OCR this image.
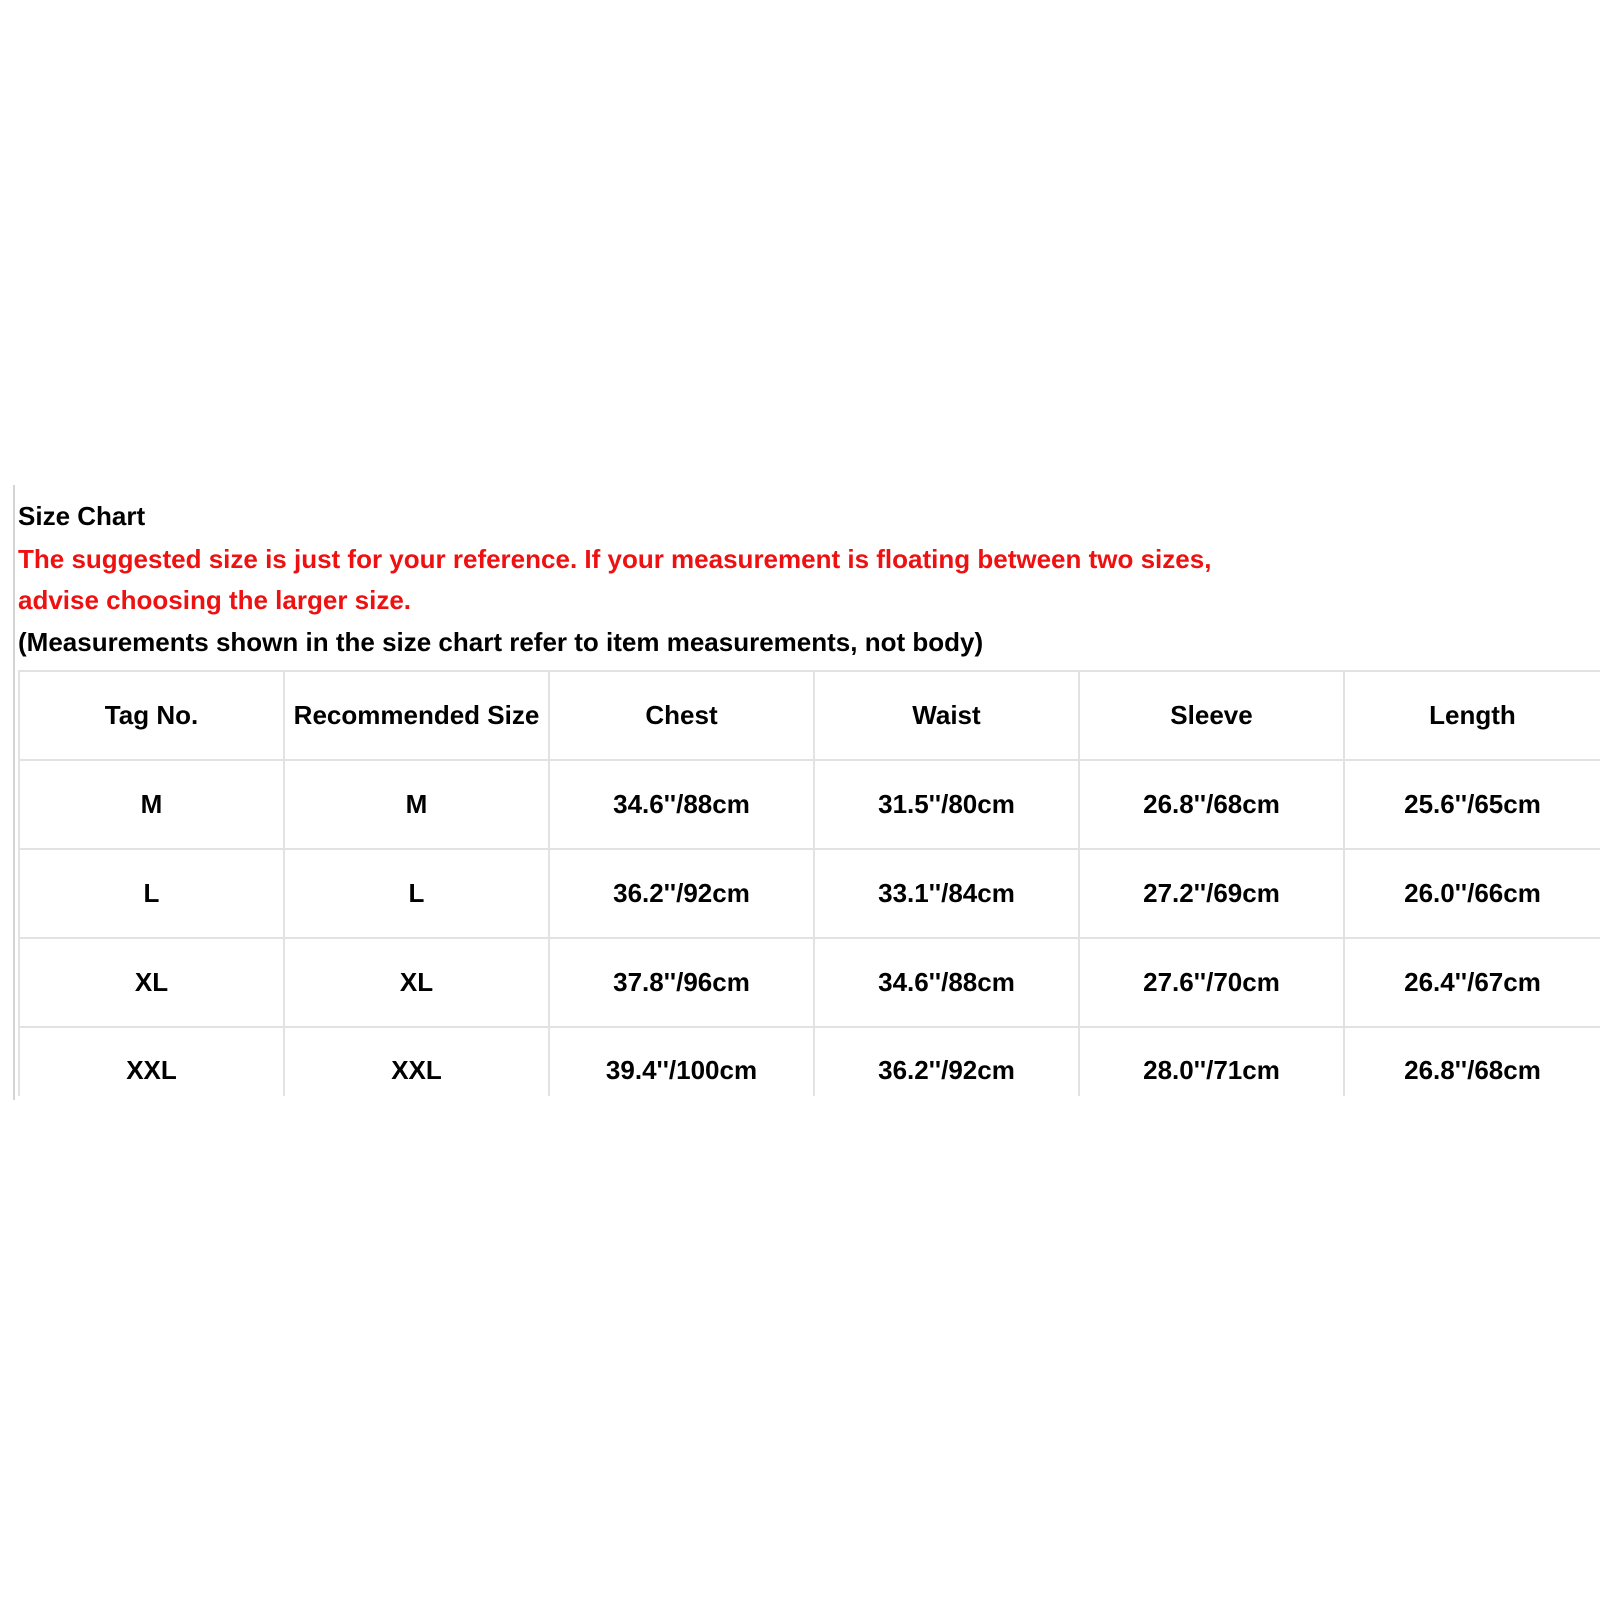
Size Chart
The suggested size is just for your reference. If your measurement is floating between two sizes,
advise choosing the larger size.
(Measurements shown in the size chart refer to item measurements, not body)
Tag No.	Recommended Size	Chest	Waist	Sleeve	Length
M	M	34.6''/88cm	31.5''/80cm	26.8''/68cm	25.6''/65cm
L	L	36.2''/92cm	33.1''/84cm	27.2''/69cm	26.0''/66cm
XL	XL	37.8''/96cm	34.6''/88cm	27.6''/70cm	26.4''/67cm
XXL	XXL	39.4''/100cm	36.2''/92cm	28.0''/71cm	26.8''/68cm
